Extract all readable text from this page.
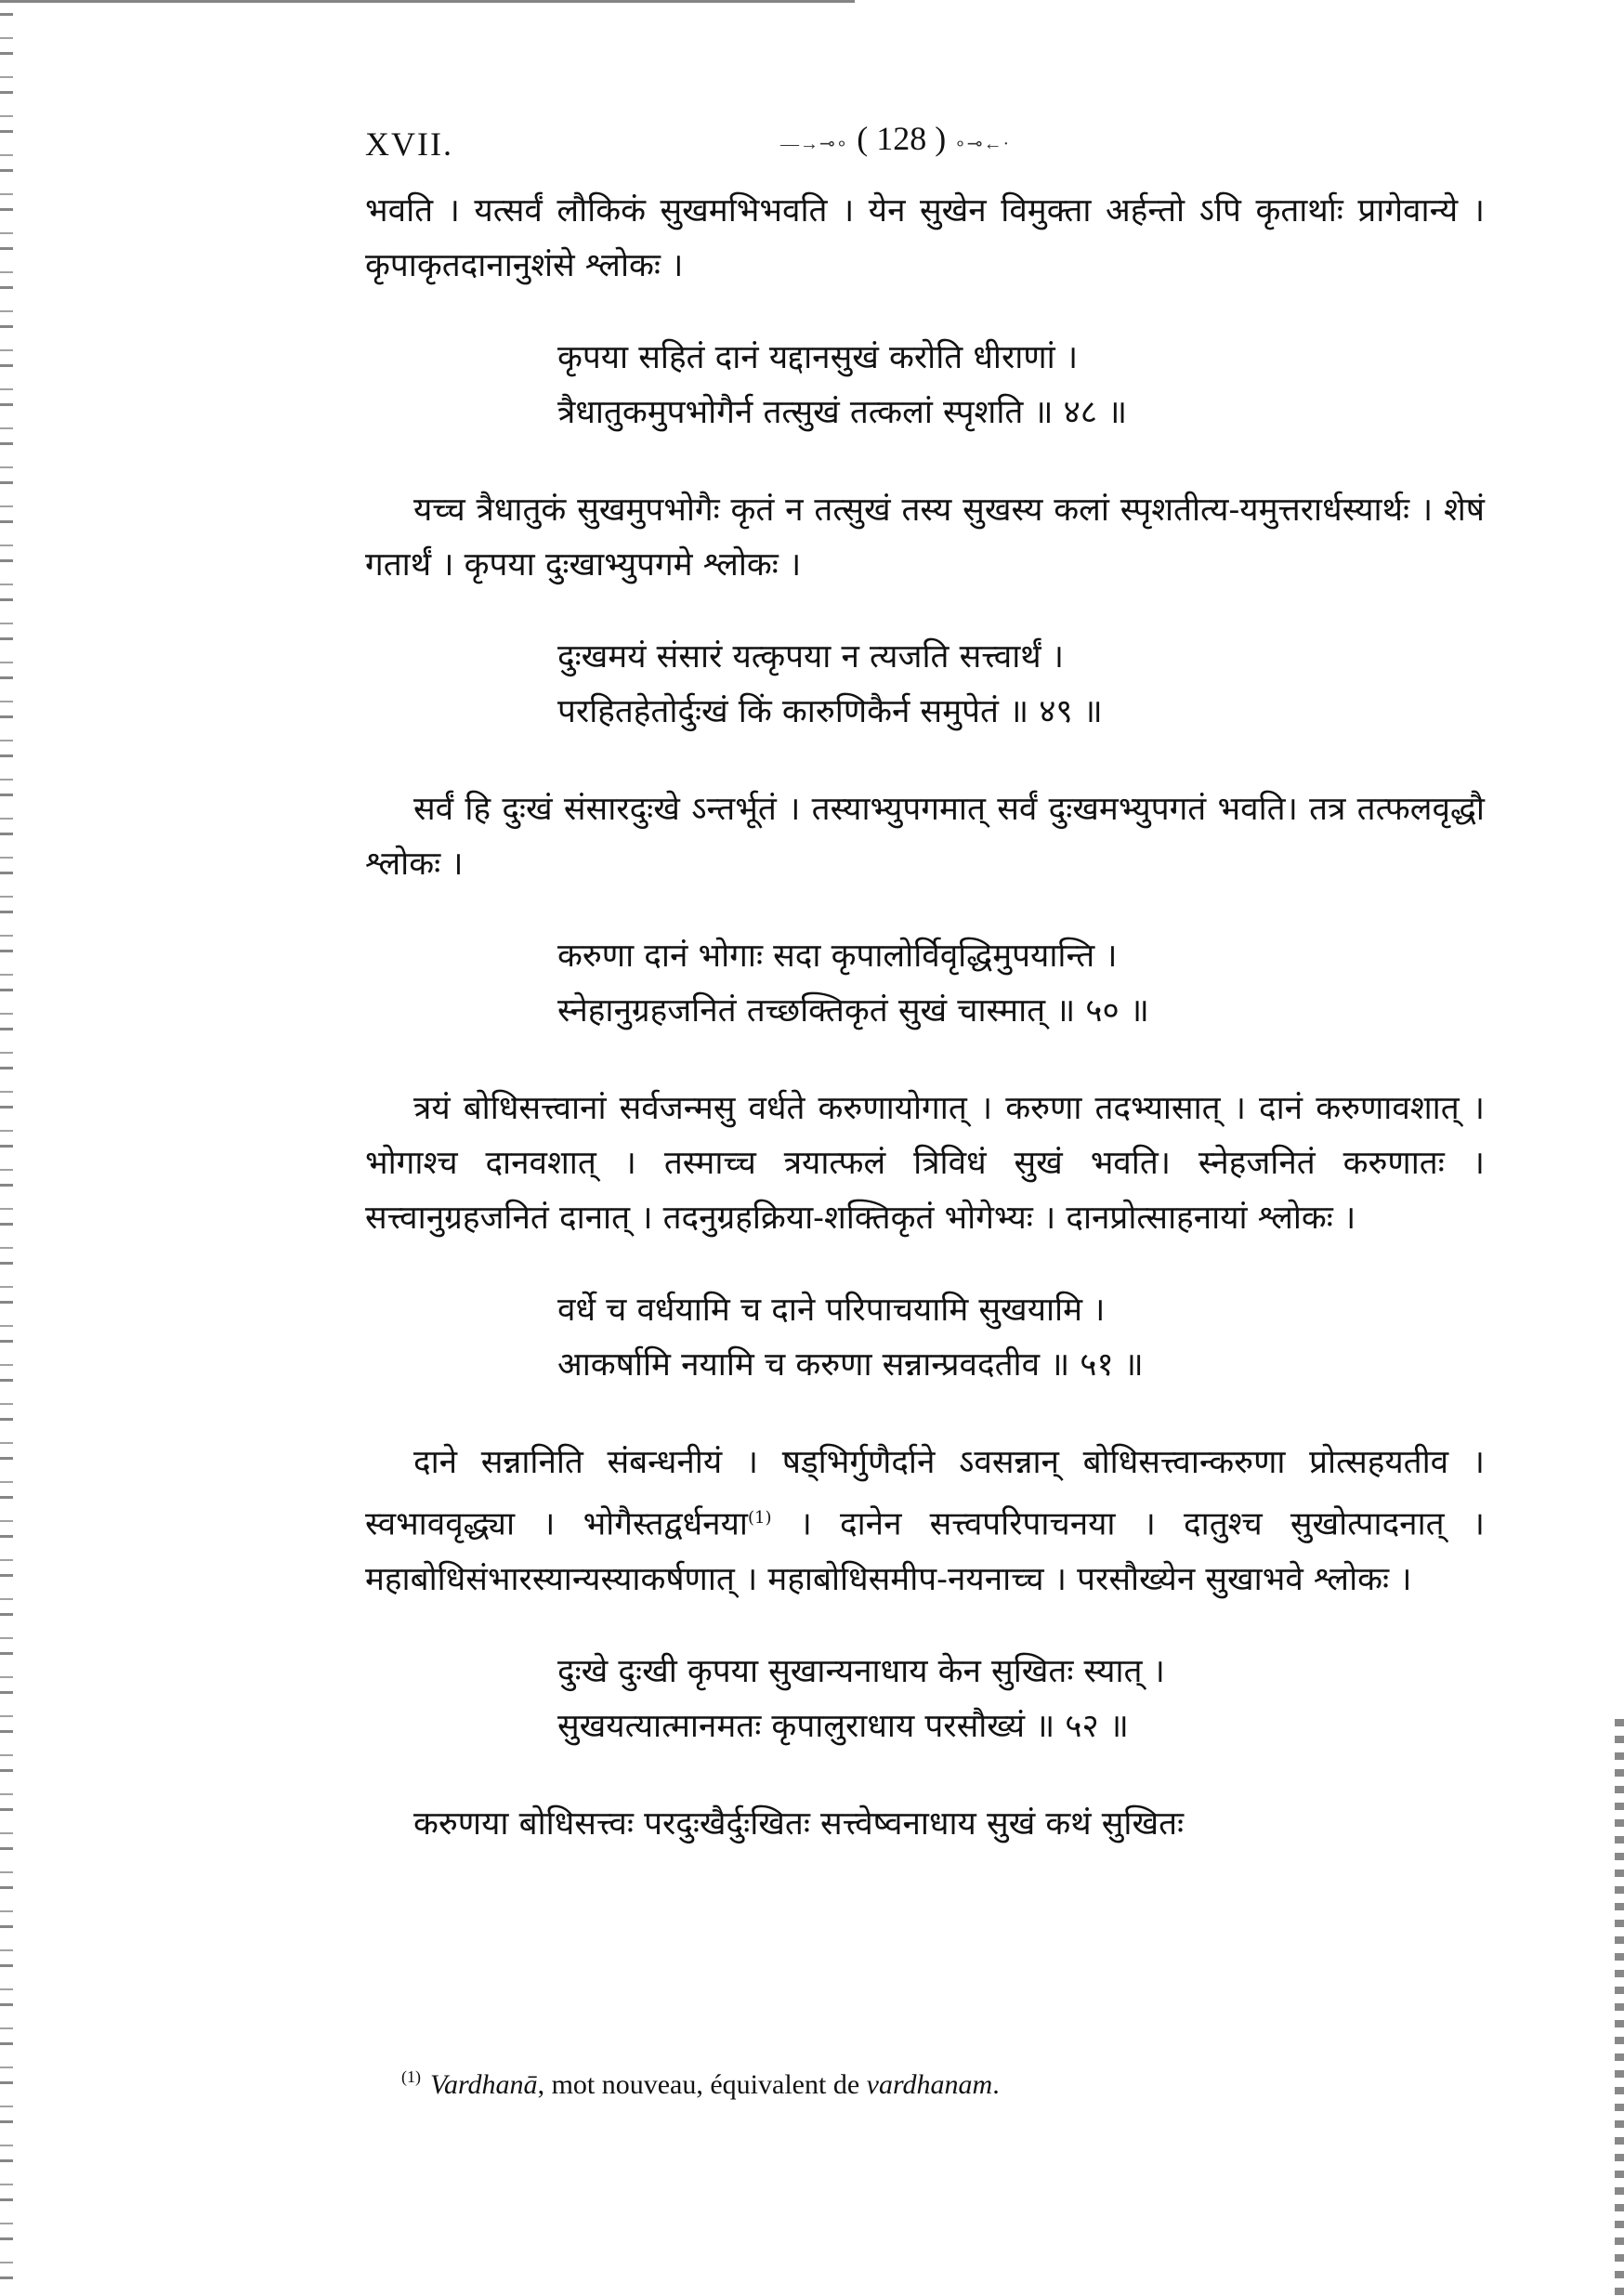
XVII.	—→⊸∘ ( 128 ) ∘⊸←·

भवति । यत्सर्वं लौकिकं सुखमभिभवति । येन सुखेन विमुक्ता अर्हन्तो ऽपि कृतार्थाः प्रागेवान्ये । कृपाकृतदानानुशंसे श्लोकः ।

कृपया सहितं दानं यद्दानसुखं करोति धीराणां ।
त्रैधातुकमुपभोगैर्न तत्सुखं तत्कलां स्पृशति ॥ ४८ ॥

यच्च त्रैधातुकं सुखमुपभोगैः कृतं न तत्सुखं तस्य सुखस्य कलां स्पृशतीत्य-यमुत्तरार्धस्यार्थः । शेषं गतार्थं । कृपया दुःखाभ्युपगमे श्लोकः ।

दुःखमयं संसारं यत्कृपया न त्यजति सत्त्वार्थं ।
परहितहेतोर्दुःखं किं कारुणिकैर्न समुपेतं ॥ ४९ ॥

सर्वं हि दुःखं संसारदुःखे ऽन्तर्भूतं । तस्याभ्युपगमात् सर्वं दुःखमभ्युपगतं भवति। तत्र तत्फलवृद्धौ श्लोकः ।

करुणा दानं भोगाः सदा कृपालोर्विवृद्धिमुपयान्ति ।
स्नेहानुग्रहजनितं तच्छक्तिकृतं सुखं चास्मात् ॥ ५० ॥

त्रयं बोधिसत्त्वानां सर्वजन्मसु वर्धते करुणायोगात् । करुणा तदभ्यासात् । दानं करुणावशात् । भोगाश्च दानवशात् । तस्माच्च त्रयात्फलं त्रिविधं सुखं भवति। स्नेहजनितं करुणातः । सत्त्वानुग्रहजनितं दानात् । तदनुग्रहक्रिया-शक्तिकृतं भोगेभ्यः । दानप्रोत्साहनायां श्लोकः ।

वर्धे च वर्धयामि च दाने परिपाचयामि सुखयामि ।
आकर्षामि नयामि च करुणा सन्नान्प्रवदतीव ॥ ५१ ॥

दाने सन्नानिति संबन्धनीयं । षड्भिर्गुणैर्दाने ऽवसन्नान् बोधिसत्त्वान्करुणा प्रोत्सहयतीव । स्वभाववृद्ध्या । भोगैस्तद्वर्धनया$^{(1)}$ । दानेन सत्त्वपरिपाचनया । दातुश्च सुखोत्पादनात् । महाबोधिसंभारस्यान्यस्याकर्षणात् । महाबोधिसमीप-नयनाच्च । परसौख्येन सुखाभवे श्लोकः ।

दुःखे दुःखी कृपया सुखान्यनाधाय केन सुखितः स्यात् ।
सुखयत्यात्मानमतः कृपालुराधाय परसौख्यं ॥ ५२ ॥

करुणया बोधिसत्त्वः परदुःखैर्दुःखितः सत्त्वेष्वनाधाय सुखं कथं सुखितः

$^{(1)}$ Vardhanā, mot nouveau, équivalent de vardhanam.
